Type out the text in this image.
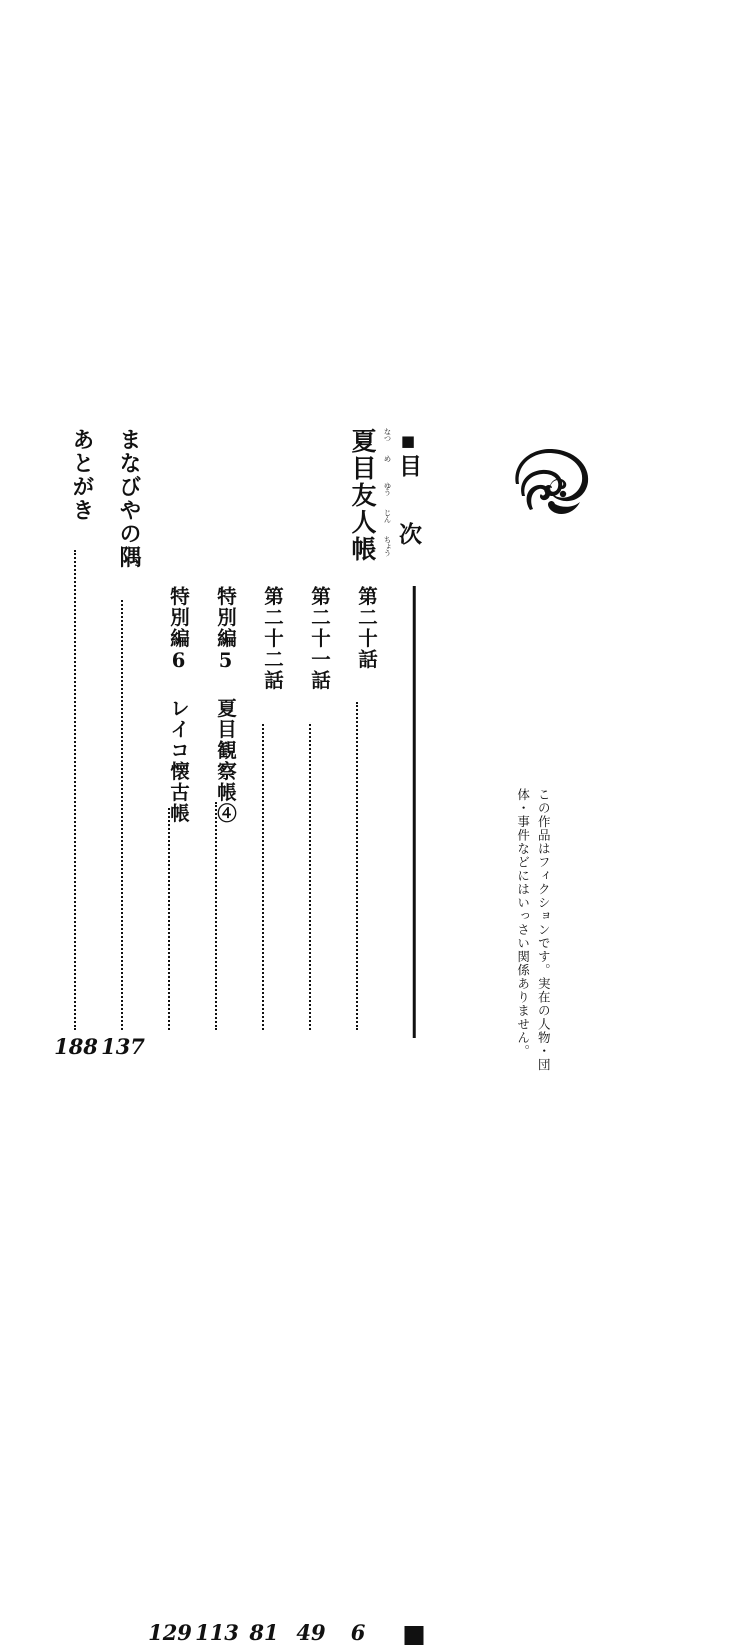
この作品はフィクションです。実在の人物・団体・事件などにはいっさい関係ありません。
■目 次
夏 なつ
目 め
友 ゆう
人 じん
帳 ちょう
第二十話
6
第二十一話
49
第二十二話
81
特別編5 夏目観察帳④
113
特別編6 レイコ懐古帳
129
まなびやの隅
137
あとがき
188
